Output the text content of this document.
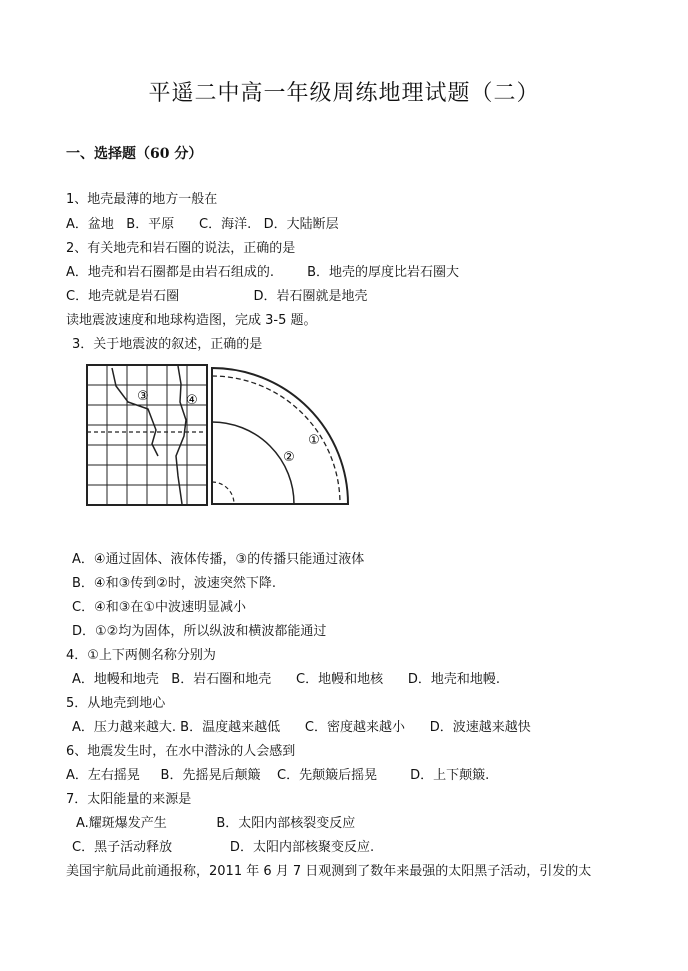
平遥二中高一年级周练地理试题（二）
一、选择题（60 分）
1、地壳最薄的地方一般在
A．盆地   B．平原      C．海洋.   D．大陆断层
2、有关地壳和岩石圈的说法，正确的是
A．地壳和岩石圈都是由岩石组成的.        B．地壳的厚度比岩石圈大
C．地壳就是岩石圈                  D．岩石圈就是地壳
读地震波速度和地球构造图，完成 3-5 题。
3．关于地震波的叙述，正确的是
③	④
①
②
A．④通过固体、液体传播，③的传播只能通过液体
B．④和③传到②时，波速突然下降.
C．④和③在①中波速明显减小
D．①②均为固体，所以纵波和横波都能通过
4．①上下两侧名称分别为
A．地幔和地壳   B．岩石圈和地壳      C．地幔和地核      D．地壳和地幔.
5．从地壳到地心
A．压力越来越大. B．温度越来越低      C．密度越来越小      D．波速越来越快
6、地震发生时，在水中潜泳的人会感到
A．左右摇晃     B．先摇晃后颠簸    C．先颠簸后摇晃        D．上下颠簸.
7．太阳能量的来源是
A.耀斑爆发产生            B．太阳内部核裂变反应
C．黑子活动释放              D．太阳内部核聚变反应.
美国宇航局此前通报称，2011 年 6 月 7 日观测到了数年来最强的太阳黑子活动，引发的太
